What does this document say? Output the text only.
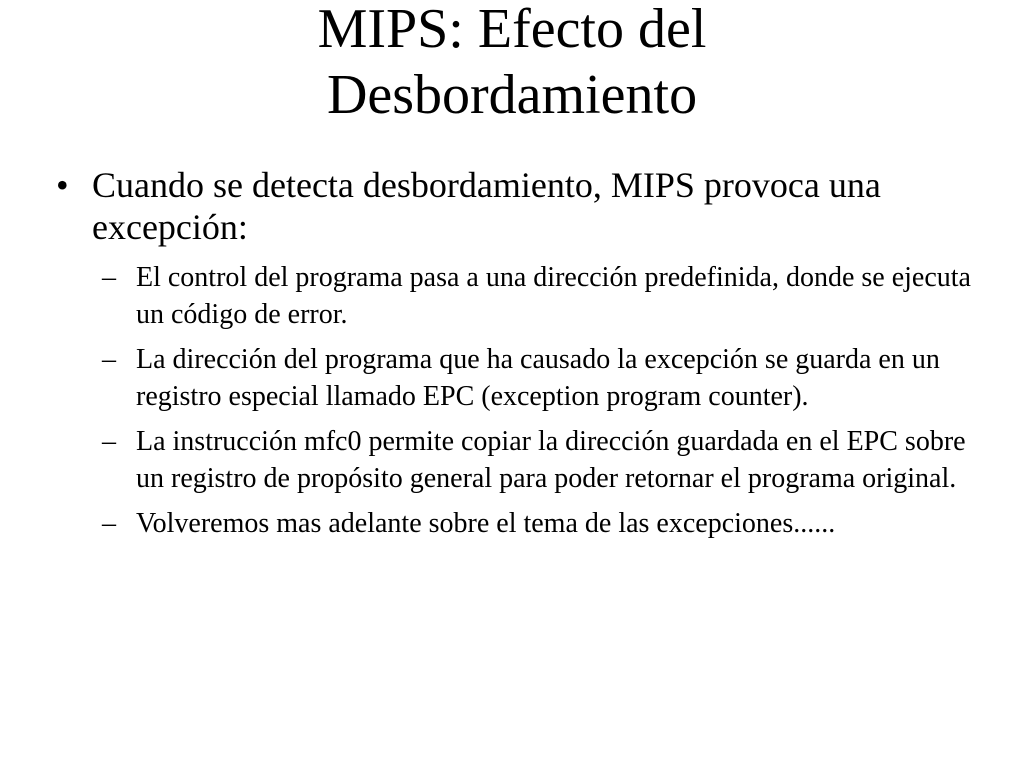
MIPS: Efecto del
Desbordamiento
• Cuando se detecta desbordamiento, MIPS provoca una excepción:
– El control del programa pasa a una dirección predefinida, donde se ejecuta un código de error.
– La dirección del programa que ha causado la excepción se guarda en un registro especial llamado EPC (exception program counter).
– La instrucción mfc0 permite copiar la dirección guardada en el EPC sobre un registro de propósito general para poder retornar el programa original.
– Volveremos mas adelante sobre el tema de las excepciones......
